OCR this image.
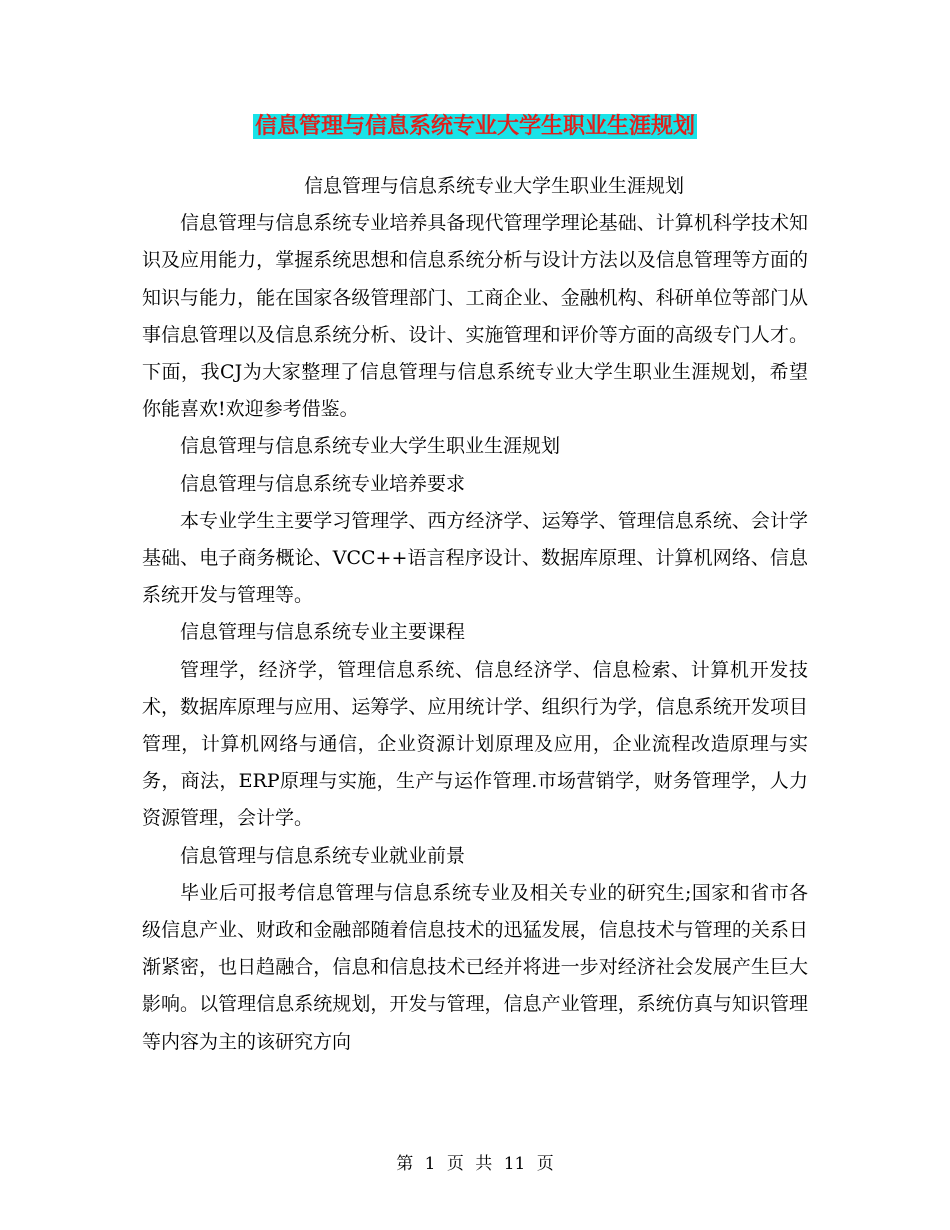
信息管理与信息系统专业大学生职业生涯规划

信息管理与信息系统专业大学生职业生涯规划

信息管理与信息系统专业培养具备现代管理学理论基础、计算机科学技术知识及应用能力，掌握系统思想和信息系统分析与设计方法以及信息管理等方面的知识与能力，能在国家各级管理部门、工商企业、金融机构、科研单位等部门从事信息管理以及信息系统分析、设计、实施管理和评价等方面的高级专门人才。下面，我CJ为大家整理了信息管理与信息系统专业大学生职业生涯规划，希望你能喜欢!欢迎参考借鉴。

信息管理与信息系统专业大学生职业生涯规划

信息管理与信息系统专业培养要求

本专业学生主要学习管理学、西方经济学、运筹学、管理信息系统、会计学基础、电子商务概论、VCC++语言程序设计、数据库原理、计算机网络、信息系统开发与管理等。

信息管理与信息系统专业主要课程

管理学，经济学，管理信息系统、信息经济学、信息检索、计算机开发技术，数据库原理与应用、运筹学、应用统计学、组织行为学，信息系统开发项目管理，计算机网络与通信，企业资源计划原理及应用，企业流程改造原理与实务，商法，ERP原理与实施，生产与运作管理.市场营销学，财务管理学，人力资源管理，会计学。

信息管理与信息系统专业就业前景

毕业后可报考信息管理与信息系统专业及相关专业的研究生;国家和省市各级信息产业、财政和金融部随着信息技术的迅猛发展，信息技术与管理的关系日渐紧密，也日趋融合，信息和信息技术已经并将进一步对经济社会发展产生巨大影响。以管理信息系统规划，开发与管理，信息产业管理，系统仿真与知识管理等内容为主的该研究方向

第 1 页 共 11 页
